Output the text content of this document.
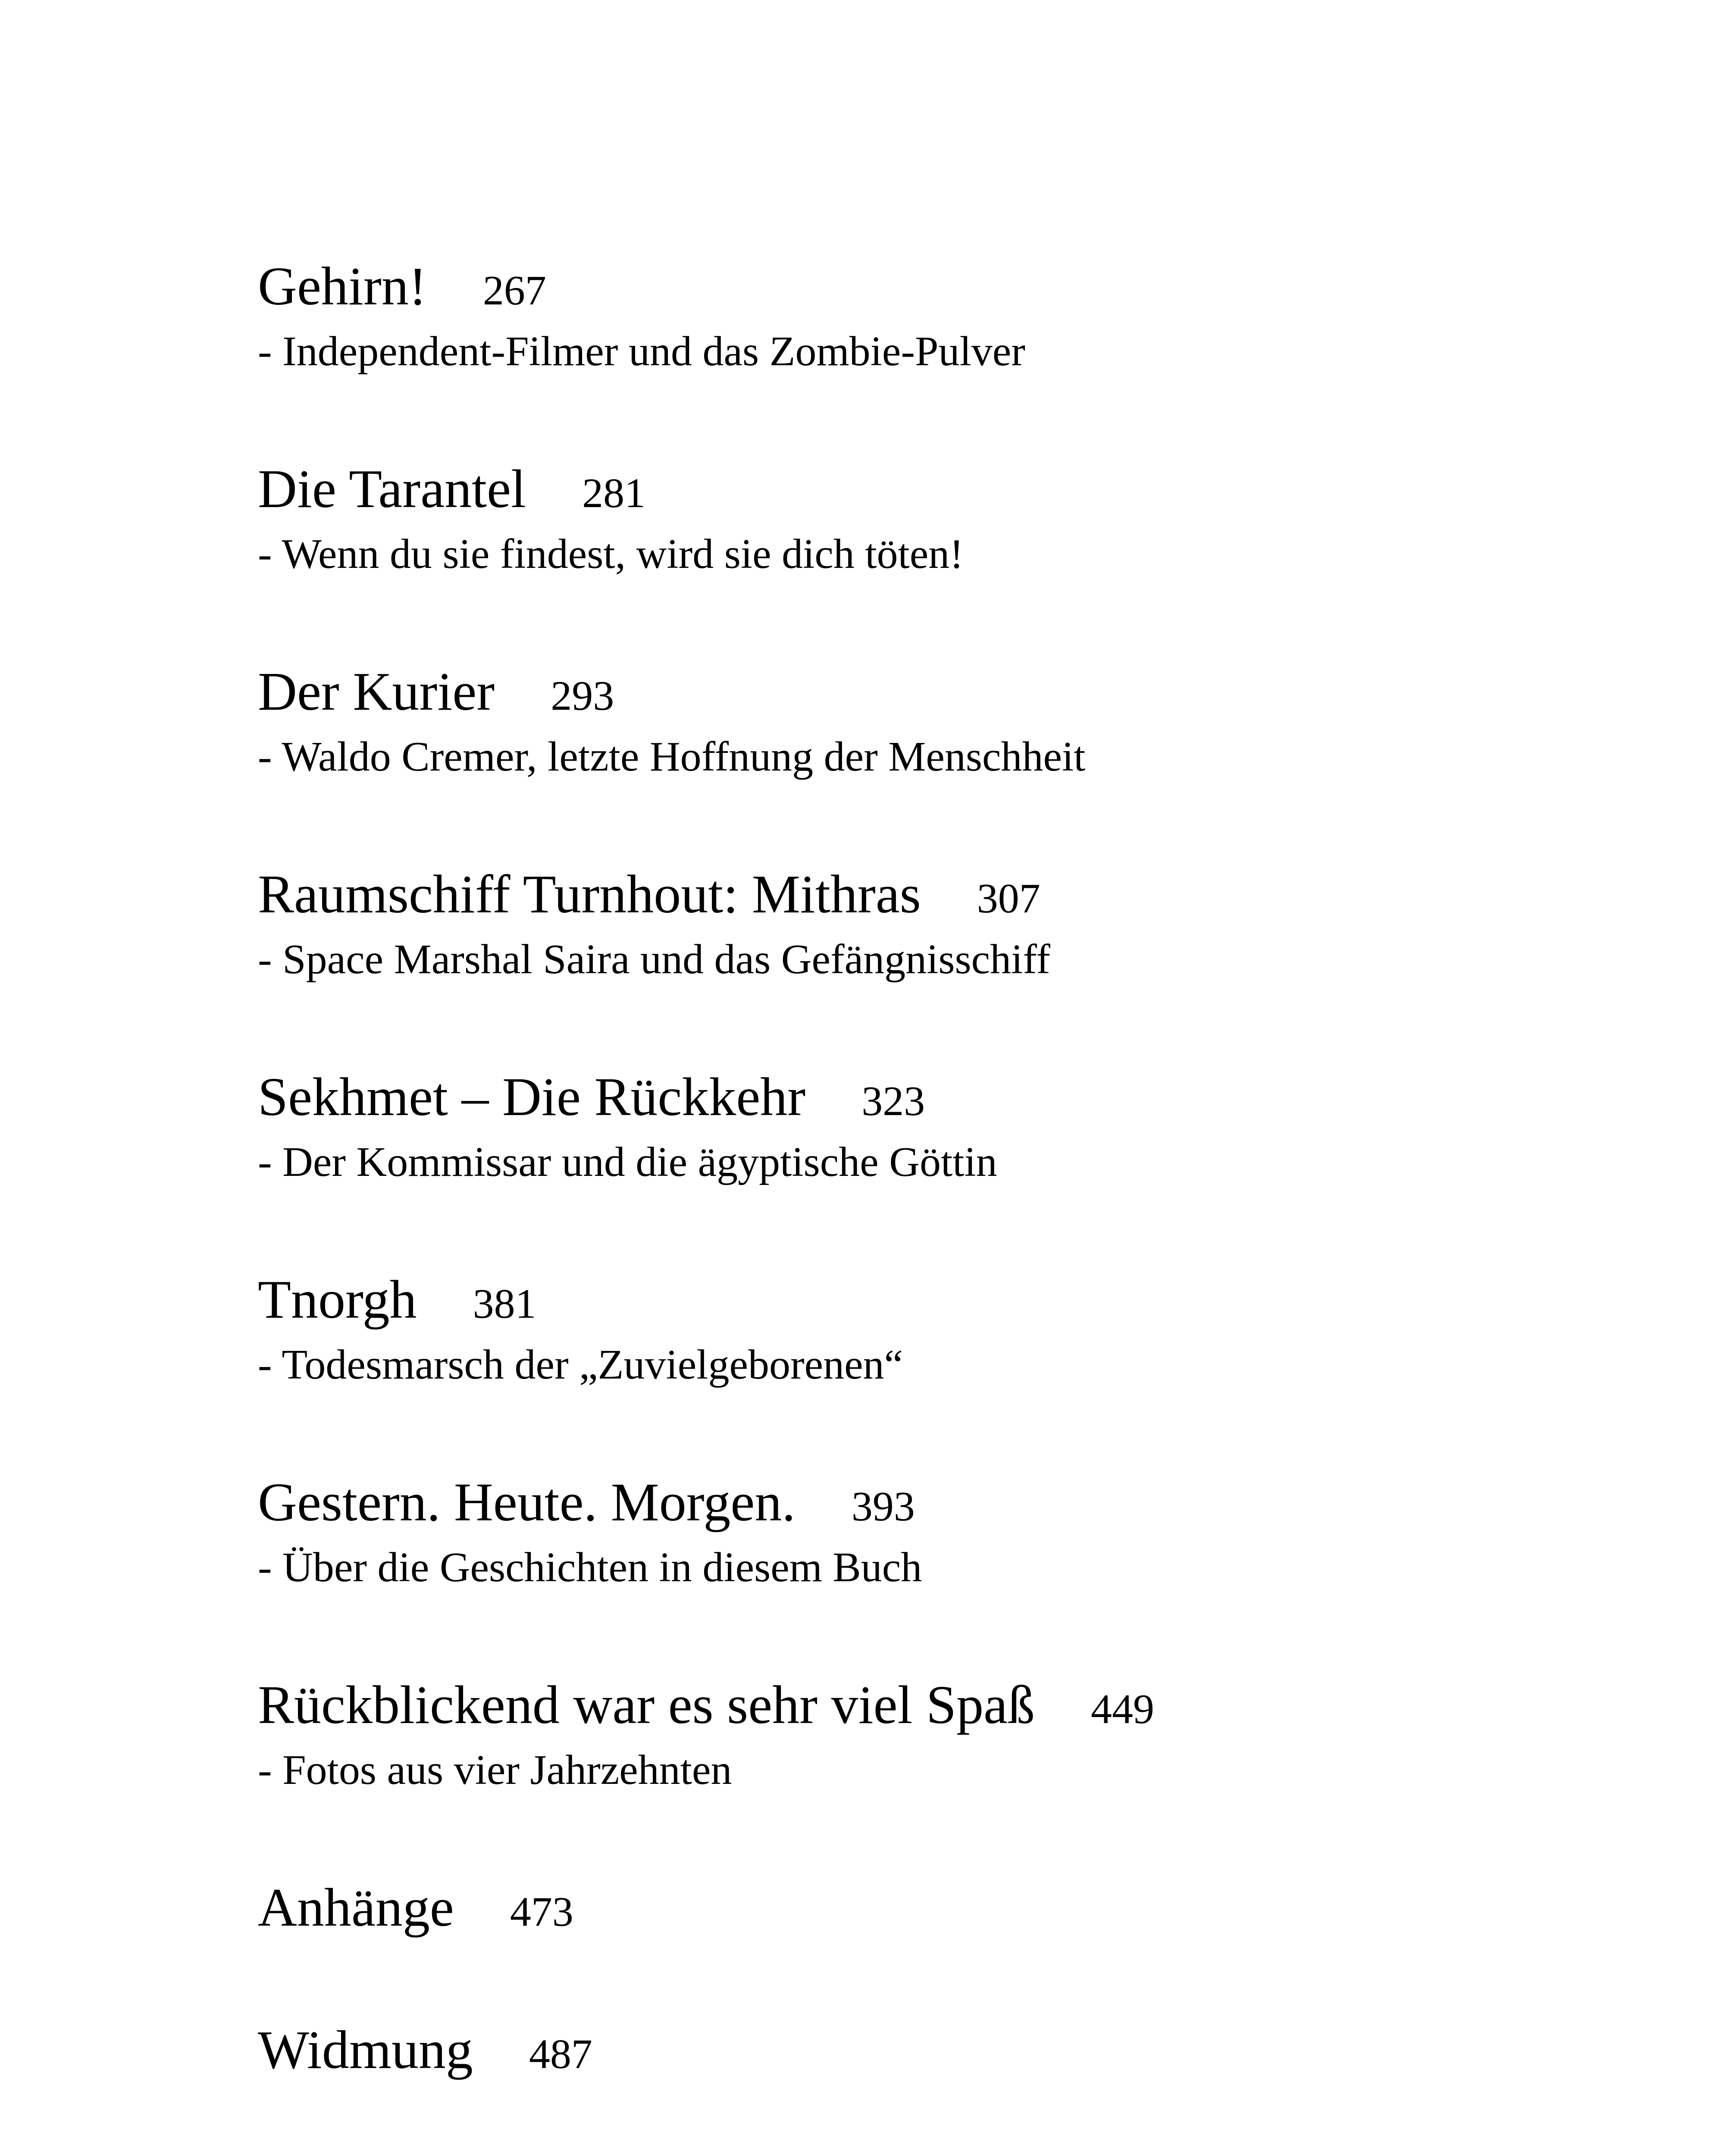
Gehirn! 267
- Independent-Filmer und das Zombie-Pulver
Die Tarantel 281
- Wenn du sie findest, wird sie dich töten!
Der Kurier 293
- Waldo Cremer, letzte Hoffnung der Menschheit
Raumschiff Turnhout: Mithras 307
- Space Marshal Saira und das Gefängnisschiff
Sekhmet – Die Rückkehr 323
- Der Kommissar und die ägyptische Göttin
Tnorgh 381
- Todesmarsch der „Zuvielgeborenen“
Gestern. Heute. Morgen. 393
- Über die Geschichten in diesem Buch
Rückblickend war es sehr viel Spaß 449
- Fotos aus vier Jahrzehnten
Anhänge 473
Widmung 487
